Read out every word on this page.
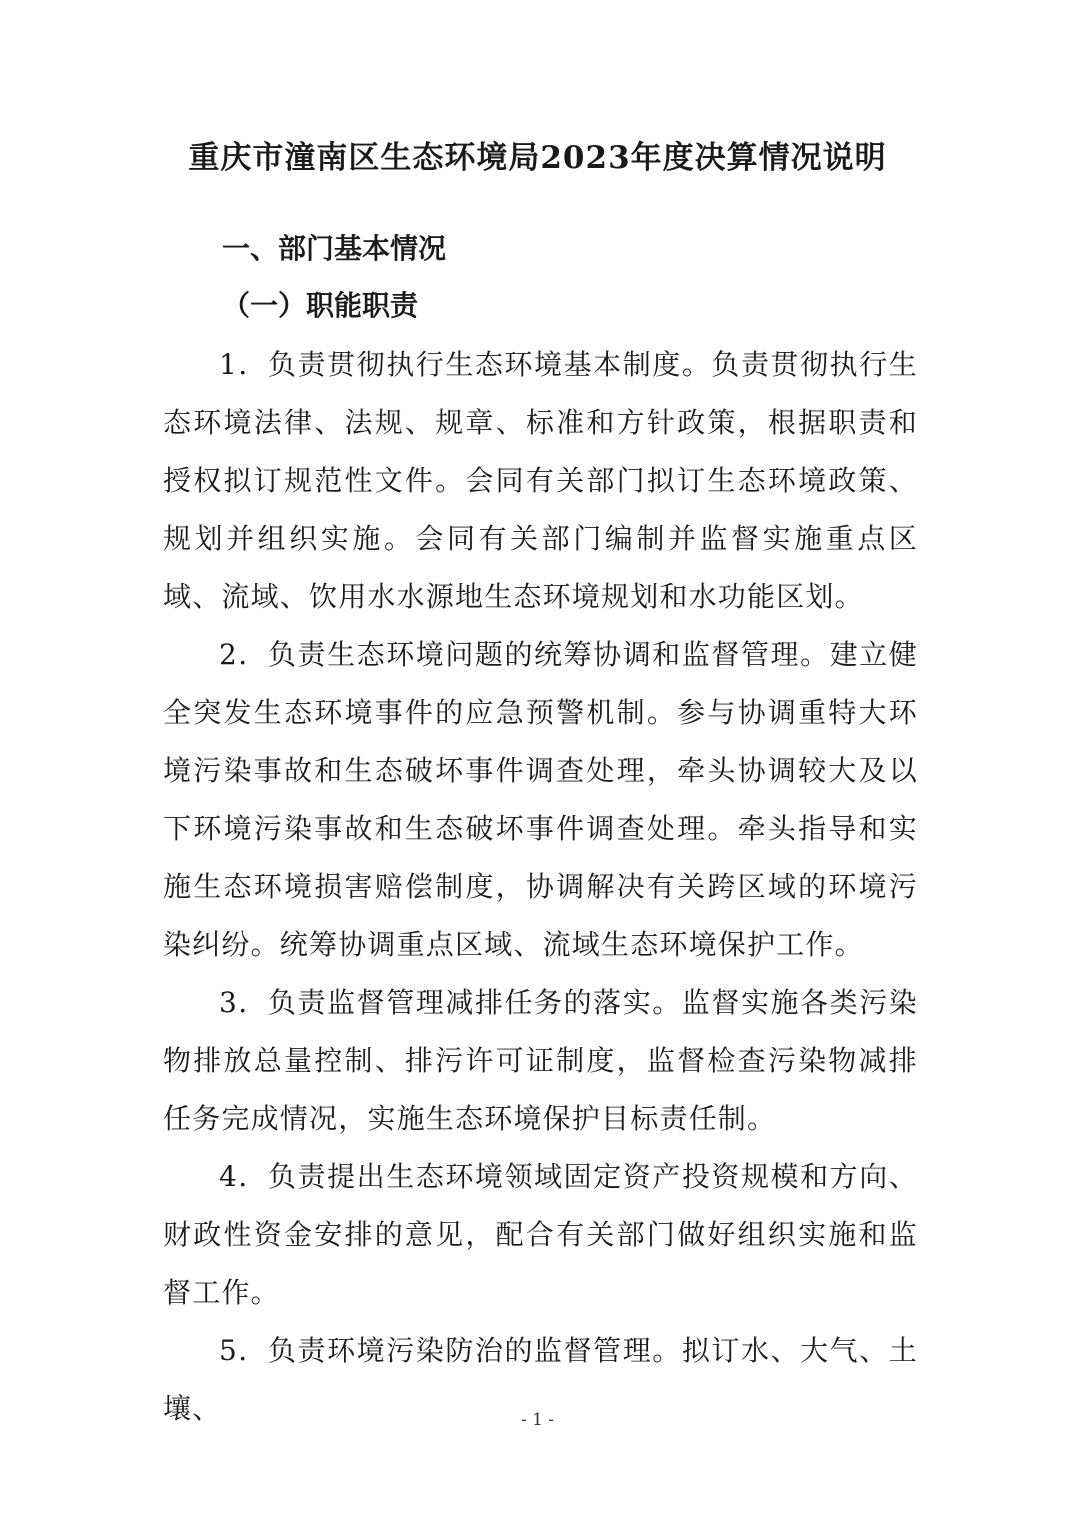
重庆市潼南区生态环境局2023年度决算情况说明
一、部门基本情况
（一）职能职责

1．负责贯彻执行生态环境基本制度。负责贯彻执行生态环境法律、法规、规章、标准和方针政策，根据职责和授权拟订规范性文件。会同有关部门拟订生态环境政策、规划并组织实施。会同有关部门编制并监督实施重点区域、流域、饮用水水源地生态环境规划和水功能区划。

2．负责生态环境问题的统筹协调和监督管理。建立健全突发生态环境事件的应急预警机制。参与协调重特大环境污染事故和生态破坏事件调查处理，牵头协调较大及以下环境污染事故和生态破坏事件调查处理。牵头指导和实施生态环境损害赔偿制度，协调解决有关跨区域的环境污染纠纷。统筹协调重点区域、流域生态环境保护工作。

3．负责监督管理减排任务的落实。监督实施各类污染物排放总量控制、排污许可证制度，监督检查污染物减排任务完成情况，实施生态环境保护目标责任制。

4．负责提出生态环境领域固定资产投资规模和方向、财政性资金安排的意见，配合有关部门做好组织实施和监督工作。

5．负责环境污染防治的监督管理。拟订水、大气、土壤、	- 1 -
